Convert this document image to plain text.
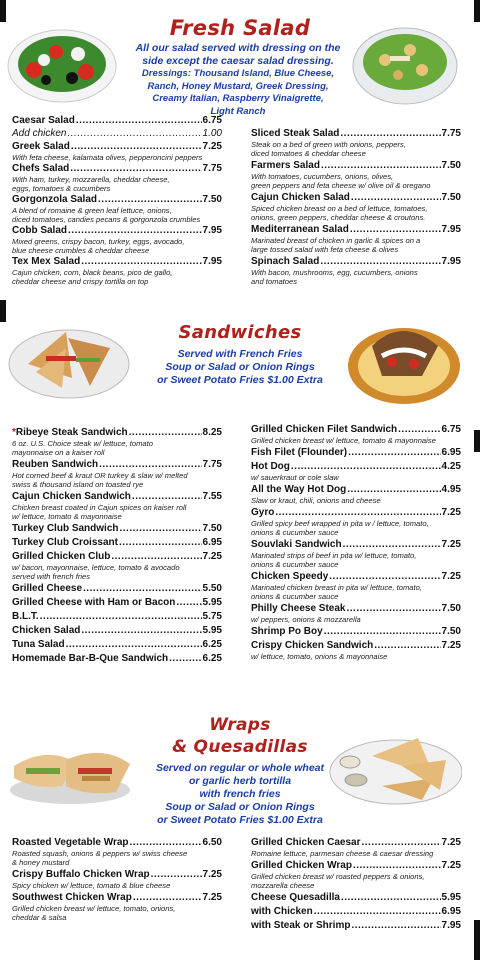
Fresh Salad
All our salad served with dressing on the
side except the caesar salad dressing.
Dressings: Thousand Island, Blue Cheese,
Ranch, Honey Mustard, Greek Dressing,
Creamy Italian, Raspberry Vinaigrette,
Light Ranch
Caesar Salad .....	6.75
Add chicken .....	1.00
Greek Salad .....	7.25
With feta cheese, kalamata olives, pepperoncini peppers
Chefs Salad .....	7.75
With ham, turkey, mozzarella, cheddar cheese,
eggs, tomatoes & cucumbers
Gorgonzola Salad .....	7.50
A blend of romaine & green leaf lettuce, onions,
diced tomatoes, candies pecans & gorgonzola crumbles
Cobb Salad .....	7.95
Mixed greens, crispy bacon, turkey, eggs, avocado,
blue cheese crumbles & cheddar cheese
Tex Mex Salad .....	7.95
Cajun chicken, corn, black beans, pico de gallo,
cheddar cheese and crispy tortilla on top
Sliced Steak Salad .....	7.75
Steak on a bed of green with onions, peppers,
diced tomatoes & cheddar cheese
Farmers Salad .....	7.50
With tomatoes, cucumbers, onions, olives,
green peppers and feta cheese w/ olive oil & oregano
Cajun Chicken Salad .....	7.50
Spiced chicken breast on a bed of lettuce, tomatoes,
onions, green peppers, cheddar cheese & croutons.
Mediterranean Salad .....	7.95
Marinated breast of chicken in garlic & spices on a
large tossed salad with feta cheese & olives
Spinach Salad .....	7.95
With bacon, mushrooms, egg, cucumbers, onions
and tomatoes
Sandwiches
Served with French Fries
Soup or Salad or Onion Rings
or Sweet Potato Fries $1.00 Extra
*Ribeye Steak Sandwich .....	8.25
6 oz. U.S. Choice steak w/ lettuce, tomato
mayonnaise on a kaiser roll
Reuben Sandwich .....	7.75
Hot corned beef & kraut OR turkey & slaw w/ melted
swiss & thousand island on toasted rye
Cajun Chicken Sandwich .....	7.55
Chicken breast coated in Cajun spices on kaiser roll
w/ lettuce, tomato & mayonnaise
Turkey Club Sandwich .....	7.50
Turkey Club Croissant .....	6.95
Grilled Chicken Club .....	7.25
w/ bacon, mayonnaise, lettuce, tomato & avocado
served with french fries
Grilled Cheese .....	5.50
Grilled Cheese with Ham or Bacon .....	5.95
B.L.T. .....	5.75
Chicken Salad .....	5.95
Tuna Salad .....	6.25
Homemade Bar-B-Que Sandwich .....	6.25
Grilled Chicken Filet Sandwich .....	6.75
Grilled chicken breast w/ lettuce, tomato & mayonnaise
Fish Filet (Flounder) .....	6.95
Hot Dog .....	4.25
w/ sauerkraut or cole slaw
All the Way Hot Dog .....	4.95
Slaw or kraut, chili, onions and cheese
Gyro .....	7.25
Grilled spicy beef wrapped in pita w / lettuce, tomato,
onions & cucumber sauce
Souvlaki Sandwich .....	7.25
Marinated strips of beef in pita w/ lettuce, tomato,
onions & cucumber sauce
Chicken Speedy .....	7.25
Marinated chicken breast in pita w/ lettuce, tomato,
onions & cucumber sauce
Philly Cheese Steak .....	7.50
w/ peppers, onions & mozzarella
Shrimp Po Boy .....	7.50
Crispy Chicken Sandwich .....	7.25
w/ lettuce, tomato, onions & mayonnaise
Wraps
& Quesadillas
Served on regular or whole wheat
or garlic herb tortilla
with french fries
Soup or Salad or Onion Rings
or Sweet Potato Fries $1.00 Extra
Roasted Vegetable Wrap .....	6.50
Roasted squash, onions & peppers w/ swiss cheese
& honey mustard
Crispy Buffalo Chicken Wrap .....	7.25
Spicy chicken w/ lettuce, tomato & blue cheese
Southwest Chicken Wrap .....	7.25
Grilled chicken breast w/ lettuce, tomato, onions,
cheddar & salsa
Grilled Chicken Caesar .....	7.25
Romaine lettuce, parmesan cheese & caesar dressing
Grilled Chicken Wrap .....	7.25
Grilled chicken breast w/ roasted peppers & onions,
mozzarella cheese
Cheese Quesadilla .....	5.95
with Chicken .....	6.95
with Steak or Shrimp .....	7.95
